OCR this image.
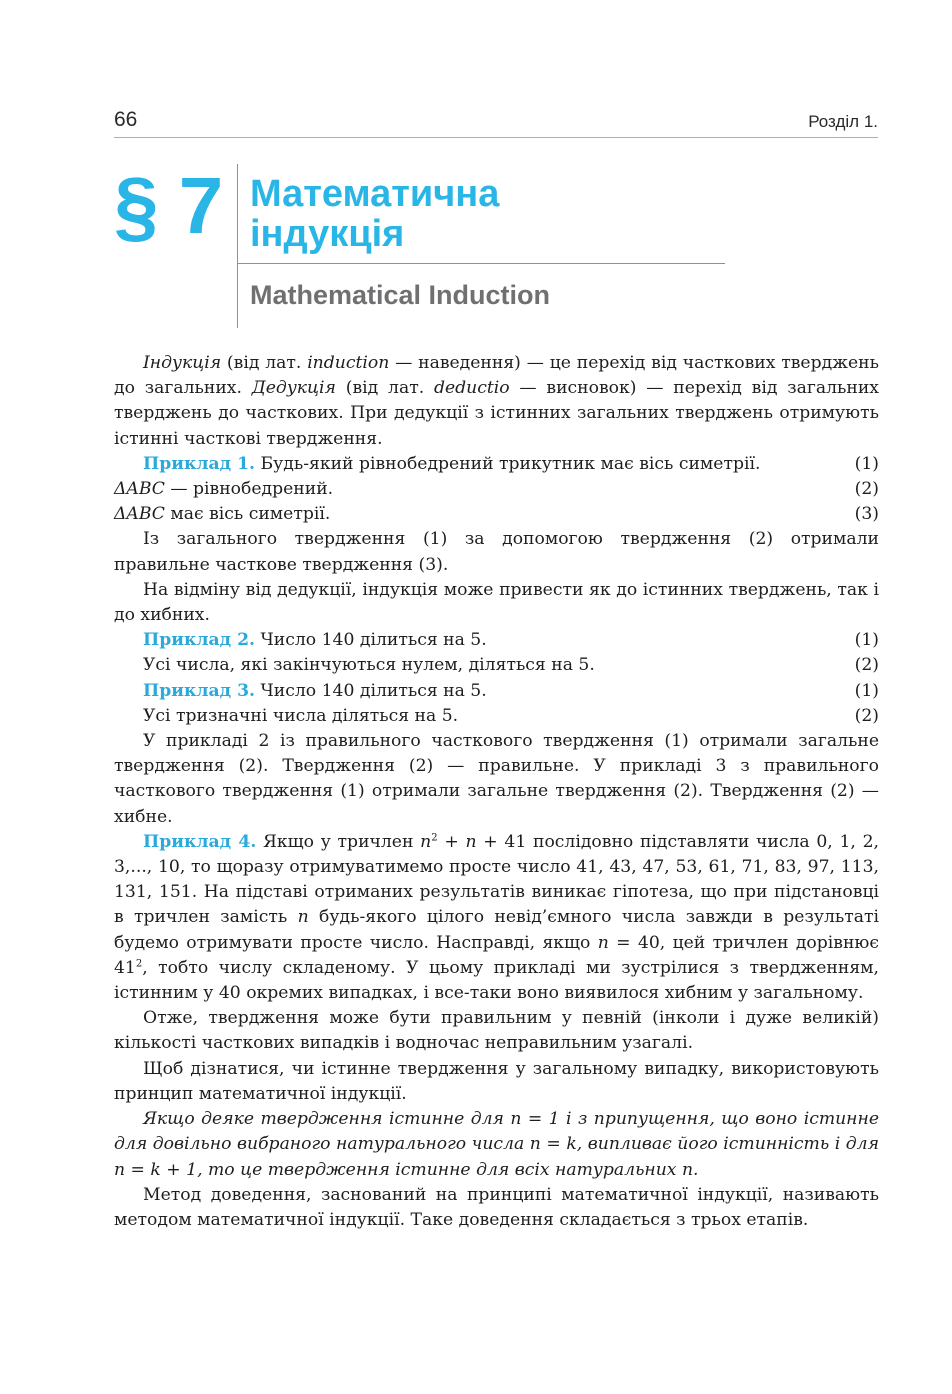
66	Розділ 1.
§ 7 Математична
індукція
Mathematical Induction

Індукція (від лат. induction — наведення) — це перехід від часткових тверджень до загальних. Дедукція (від лат. deductio — висновок) — перехід від загальних тверджень до часткових. При дедукції з істинних загальних тверджень отримують істинні часткові твердження.

Приклад 1. Будь-який рівнобедрений трикутник має вісь симетрії.	(1)

ΔABC — рівнобедрений.	(2)

ΔABC має вісь симетрії.	(3)

Із загального твердження (1) за допомогою твердження (2) отримали правильне часткове твердження (3).

На відміну від дедукції, індукція може привести як до істинних тверджень, так і до хибних.

Приклад 2. Число 140 ділиться на 5.	(1)

Усі числа, які закінчуються нулем, діляться на 5.	(2)

Приклад 3. Число 140 ділиться на 5.	(1)

Усі тризначні числа діляться на 5.	(2)

У прикладі 2 із правильного часткового твердження (1) отримали загальне твердження (2). Твердження (2) — правильне. У прикладі 3 з правильного часткового твердження (1) отримали загальне твердження (2). Твердження (2) — хибне.

Приклад 4. Якщо у тричлен $n^2 + n + 41$ послідовно підставляти числа 0, 1, 2, 3,..., 10, то щоразу отримуватимемо просте число 41, 43, 47, 53, 61, 71, 83, 97, 113, 131, 151. На підставі отриманих результатів виникає гіпотеза, що при підстановці в тричлен замість n будь-якого цілого невід’ємного числа завжди в результаті будемо отримувати просте число. Насправді, якщо n = 40, цей тричлен дорівнює $41^2$, тобто числу складеному. У цьому прикладі ми зустрілися з твердженням, істинним у 40 окремих випадках, і все-таки воно виявилося хибним у загальному.

Отже, твердження може бути правильним у певній (інколи і дуже великій) кількості часткових випадків і водночас неправильним узагалі.

Щоб дізнатися, чи істинне твердження у загальному випадку, використовують принцип математичної індукції.

Якщо деяке твердження істинне для n = 1 і з припущення, що воно істинне для довільно вибраного натурального числа n = k, випливає його істинність і для n = k + 1, то це твердження істинне для всіх натуральних n.

Метод доведення, заснований на принципі математичної індукції, називають методом математичної індукції. Таке доведення складається з трьох етапів.
